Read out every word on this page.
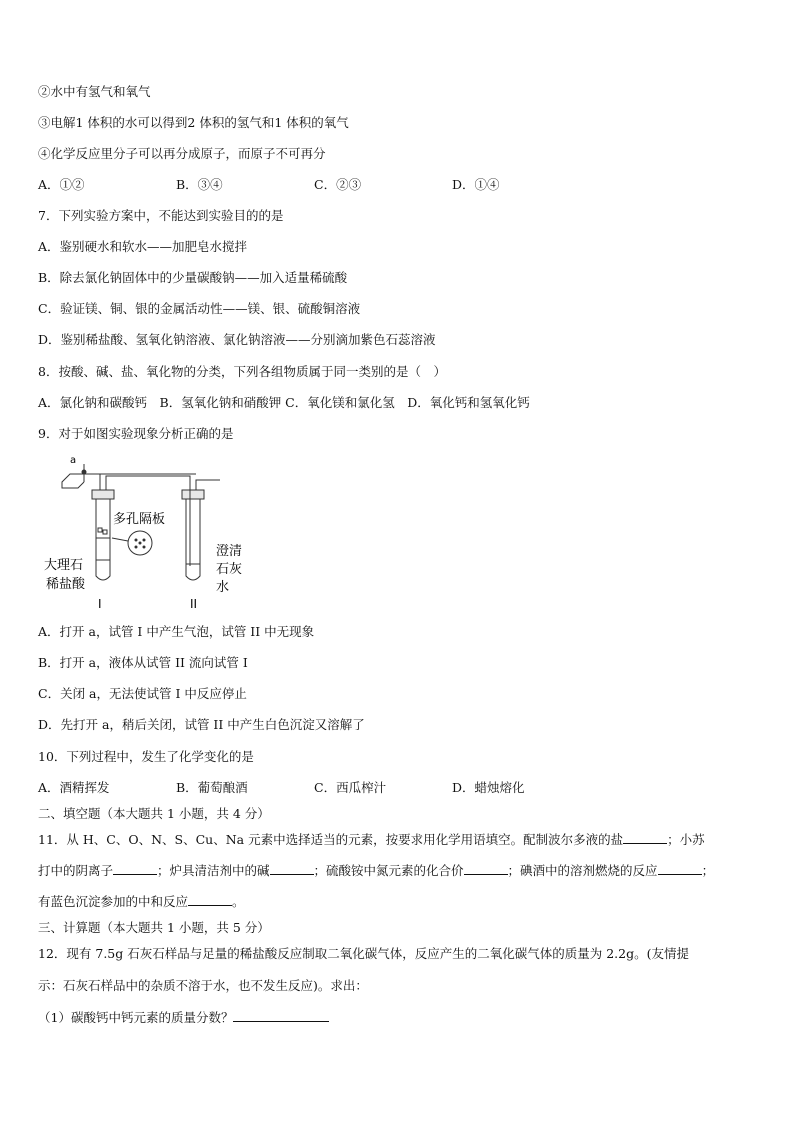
②水中有氢气和氧气
③电解1 体积的水可以得到2 体积的氢气和1 体积的氧气
④化学反应里分子可以再分成原子，而原子不可再分
A．①②	B．③④	C．②③	D．①④
7．下列实验方案中，不能达到实验目的的是
A．鉴别硬水和软水——加肥皂水搅拌
B．除去氯化钠固体中的少量碳酸钠——加入适量稀硫酸
C．验证镁、铜、银的金属活动性——镁、银、硫酸铜溶液
D．鉴别稀盐酸、氢氧化钠溶液、氯化钠溶液——分别滴加紫色石蕊溶液
8．按酸、碱、盐、氧化物的分类，下列各组物质属于同一类别的是（　）
A．氯化钠和碳酸钙　B．氢氧化钠和硝酸钾 C．氧化镁和氯化氢　D．氧化钙和氢氧化钙
9．对于如图实验现象分析正确的是
a
多孔隔板
大理石
稀盐酸
澄清
石灰
水
I	II
A．打开 a，试管 I 中产生气泡，试管 II 中无现象
B．打开 a，液体从试管 II 流向试管 I
C．关闭 a，无法使试管 I 中反应停止
D．先打开 a，稍后关闭，试管 II 中产生白色沉淀又溶解了
10．下列过程中，发生了化学变化的是
A．酒精挥发	B．葡萄酿酒	C．西瓜榨汁	D．蜡烛熔化
二、填空题（本大题共 1 小题，共 4 分）
11．从 H、C、O、N、S、Cu、Na 元素中选择适当的元素，按要求用化学用语填空。配制波尔多液的盐	；小苏
打中的阴离子	；炉具清洁剂中的碱	；硫酸铵中氮元素的化合价	；碘酒中的溶剂燃烧的反应	；
有蓝色沉淀参加的中和反应	。
三、计算题（本大题共 1 小题，共 5 分）
12．现有 7.5g 石灰石样品与足量的稀盐酸反应制取二氧化碳气体，反应产生的二氧化碳气体的质量为 2.2g。(友情提
示：石灰石样品中的杂质不溶于水，也不发生反应)。求出：
（1）碳酸钙中钙元素的质量分数？
